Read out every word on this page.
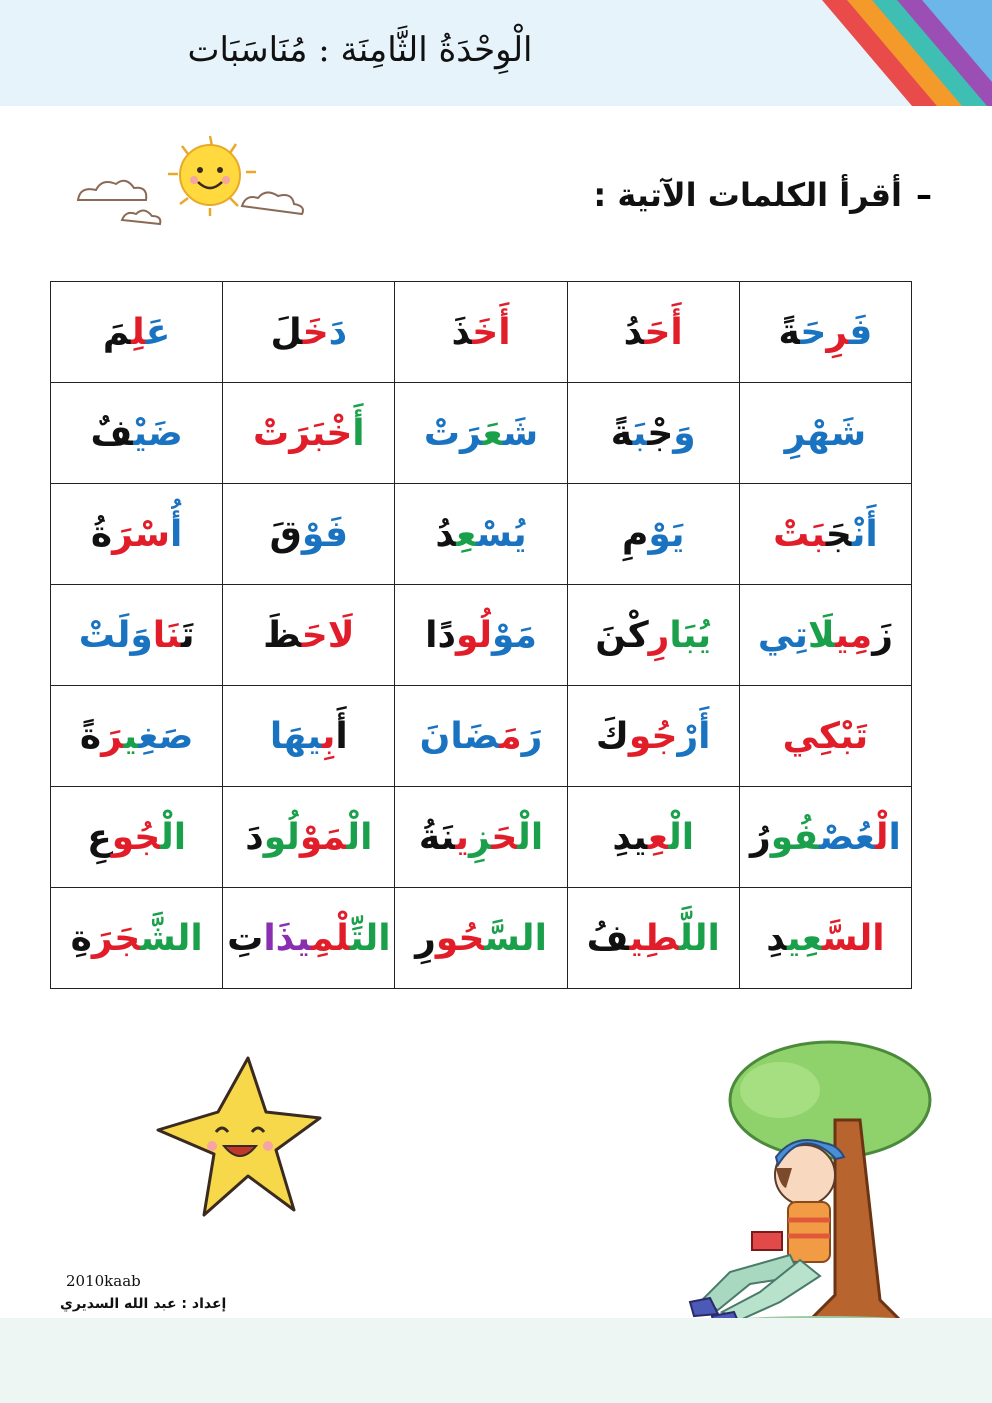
الْوِحْدَةُ الثَّامِنَة : مُنَاسَبَات
–
أقرأ الكلمات الآتية :
فَرِحَةً	أَحَدُ	أَخَذَ	دَخَلَ	عَلِمَ
شَهْرِ	وَجْبَةً	شَعَرَتْ	أَخْبَرَتْ	ضَيْفٌ
أَنْجَبَتْ	يَوْمِ	يُسْعِدُ	فَوْقَ	أُسْرَةُ
زَمِيلَاتِي	يُبَارِكْنَ	مَوْلُودًا	لَاحَظَ	تَنَاوَلَتْ
تَبْكِي	أَرْجُوكَ	رَمَضَانَ	أَبِيهَا	صَغِيرَةً
الْعُصْفُورُ	الْعِيدِ	الْحَزِينَةُ	الْمَوْلُودَ	الْجُوعِ
السَّعِيدِ	اللَّطِيفُ	السَّحُورِ	التِّلْمِيذَاتِ	الشَّجَرَةِ
2010kaab
إعداد : عبد الله السديري
